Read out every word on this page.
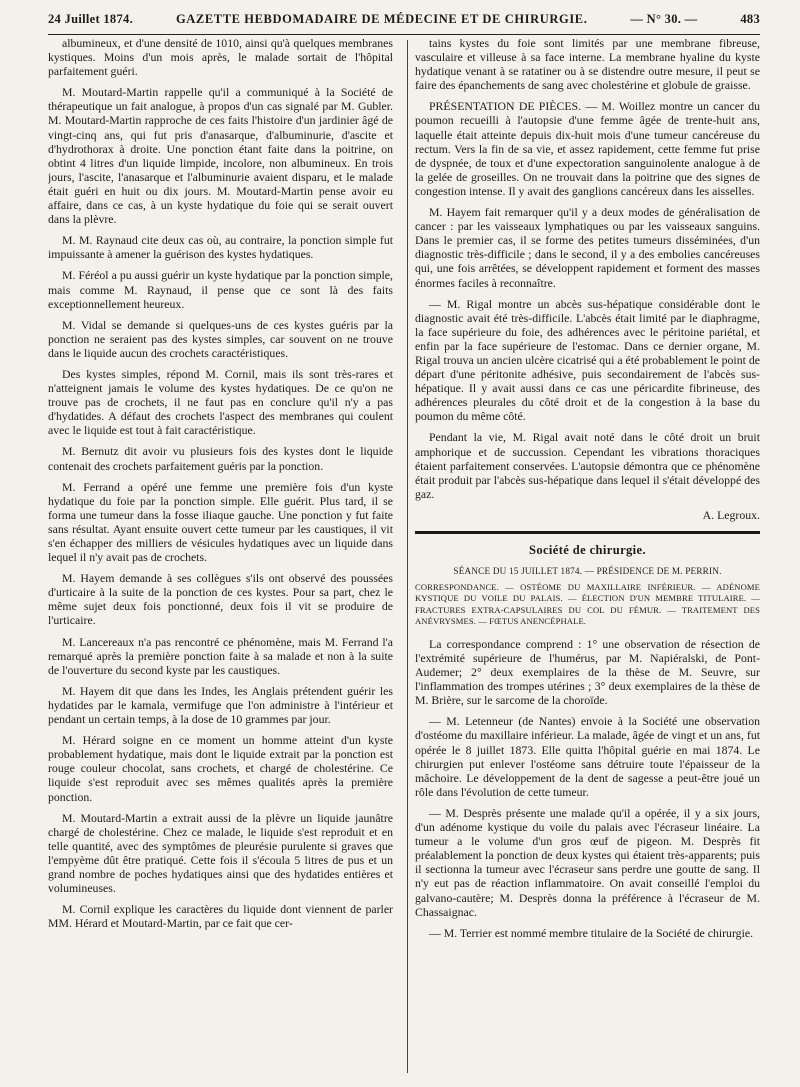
24 Juillet 1874.	GAZETTE HEBDOMADAIRE DE MÉDECINE ET DE CHIRURGIE.	— N° 30. —	483

albumineux, et d'une densité de 1010, ainsi qu'à quelques membranes kystiques. Moins d'un mois après, le malade sortait de l'hôpital parfaitement guéri.

M. Moutard-Martin rappelle qu'il a communiqué à la Société de thérapeutique un fait analogue, à propos d'un cas signalé par M. Gubler. M. Moutard-Martin rapproche de ces faits l'histoire d'un jardinier âgé de vingt-cinq ans, qui fut pris d'anasarque, d'albuminurie, d'ascite et d'hydrothorax à droite. Une ponction étant faite dans la poitrine, on obtint 4 litres d'un liquide limpide, incolore, non albumineux. En trois jours, l'ascite, l'anasarque et l'albuminurie avaient disparu, et le malade était guéri en huit ou dix jours. M. Moutard-Martin pense avoir eu affaire, dans ce cas, à un kyste hydatique du foie qui se serait ouvert dans la plèvre.

M. M. Raynaud cite deux cas où, au contraire, la ponction simple fut impuissante à amener la guérison des kystes hydatiques.

M. Féréol a pu aussi guérir un kyste hydatique par la ponction simple, mais comme M. Raynaud, il pense que ce sont là des faits exceptionnellement heureux.

M. Vidal se demande si quelques-uns de ces kystes guéris par la ponction ne seraient pas des kystes simples, car souvent on ne trouve dans le liquide aucun des crochets caractéristiques.

Des kystes simples, répond M. Cornil, mais ils sont très-rares et n'atteignent jamais le volume des kystes hydatiques. De ce qu'on ne trouve pas de crochets, il ne faut pas en conclure qu'il n'y a pas d'hydatides. A défaut des crochets l'aspect des membranes qui coulent avec le liquide est tout à fait caractéristique.

M. Bernutz dit avoir vu plusieurs fois des kystes dont le liquide contenait des crochets parfaitement guéris par la ponction.

M. Ferrand a opéré une femme une première fois d'un kyste hydatique du foie par la ponction simple. Elle guérit. Plus tard, il se forma une tumeur dans la fosse iliaque gauche. Une ponction y fut faite sans résultat. Ayant ensuite ouvert cette tumeur par les caustiques, il vit s'en échapper des milliers de vésicules hydatiques avec un liquide dans lequel il n'y avait pas de crochets.

M. Hayem demande à ses collègues s'ils ont observé des poussées d'urticaire à la suite de la ponction de ces kystes. Pour sa part, chez le même sujet deux fois ponctionné, deux fois il vit se produire de l'urticaire.

M. Lancereaux n'a pas rencontré ce phénomène, mais M. Ferrand l'a remarqué après la première ponction faite à sa malade et non à la suite de l'ouverture du second kyste par les caustiques.

M. Hayem dit que dans les Indes, les Anglais prétendent guérir les hydatides par le kamala, vermifuge que l'on administre à l'intérieur et pendant un certain temps, à la dose de 10 grammes par jour.

M. Hérard soigne en ce moment un homme atteint d'un kyste probablement hydatique, mais dont le liquide extrait par la ponction est rouge couleur chocolat, sans crochets, et chargé de cholestérine. Ce liquide s'est reproduit avec ses mêmes qualités après la première ponction.

M. Moutard-Martin a extrait aussi de la plèvre un liquide jaunâtre chargé de cholestérine. Chez ce malade, le liquide s'est reproduit et en telle quantité, avec des symptômes de pleurésie purulente si graves que l'empyème dût être pratiqué. Cette fois il s'écoula 5 litres de pus et un grand nombre de poches hydatiques ainsi que des hydatides entières et volumineuses.

M. Cornil explique les caractères du liquide dont viennent de parler MM. Hérard et Moutard-Martin, par ce fait que cer-

tains kystes du foie sont limités par une membrane fibreuse, vasculaire et villeuse à sa face interne. La membrane hyaline du kyste hydatique venant à se ratatiner ou à se distendre outre mesure, il peut se faire des épanchements de sang avec cholestérine et globule de graisse.

PRÉSENTATION DE PIÈCES. — M. Woillez montre un cancer du poumon recueilli à l'autopsie d'une femme âgée de trente-huit ans, laquelle était atteinte depuis dix-huit mois d'une tumeur cancéreuse du rectum. Vers la fin de sa vie, et assez rapidement, cette femme fut prise de dyspnée, de toux et d'une expectoration sanguinolente analogue à de la gelée de groseilles. On ne trouvait dans la poitrine que des signes de congestion intense. Il y avait des ganglions cancéreux dans les aisselles.

M. Hayem fait remarquer qu'il y a deux modes de généralisation de cancer : par les vaisseaux lymphatiques ou par les vaisseaux sanguins. Dans le premier cas, il se forme des petites tumeurs disséminées, d'un diagnostic très-difficile ; dans le second, il y a des embolies cancéreuses qui, une fois arrêtées, se développent rapidement et forment des masses énormes faciles à reconnaître.

— M. Rigal montre un abcès sus-hépatique considérable dont le diagnostic avait été très-difficile. L'abcès était limité par le diaphragme, la face supérieure du foie, des adhérences avec le péritoine pariétal, et enfin par la face supérieure de l'estomac. Dans ce dernier organe, M. Rigal trouva un ancien ulcère cicatrisé qui a été probablement le point de départ d'une péritonite adhésive, puis secondairement de l'abcès sus-hépatique. Il y avait aussi dans ce cas une péricardite fibrineuse, des adhérences pleurales du côté droit et de la congestion à la base du poumon du même côté.

Pendant la vie, M. Rigal avait noté dans le côté droit un bruit amphorique et de succussion. Cependant les vibrations thoraciques étaient parfaitement conservées. L'autopsie démontra que ce phénomène était produit par l'abcès sus-hépatique dans lequel il s'était développé des gaz.

A. Legroux.
Société de chirurgie.
SÉANCE DU 15 JUILLET 1874. — PRÉSIDENCE DE M. PERRIN.
CORRESPONDANCE. — OSTÉOME DU MAXILLAIRE INFÉRIEUR. — ADÉNOME KYSTIQUE DU VOILE DU PALAIS. — ÉLECTION D'UN MEMBRE TITULAIRE. — FRACTURES EXTRA-CAPSULAIRES DU COL DU FÉMUR. — TRAITEMENT DES ANÉVRYSMES. — FŒTUS ANENCÉPHALE.

La correspondance comprend : 1° une observation de résection de l'extrémité supérieure de l'humérus, par M. Napiéralski, de Pont-Audemer; 2° deux exemplaires de la thèse de M. Seuvre, sur l'inflammation des trompes utérines ; 3° deux exemplaires de la thèse de M. Brière, sur le sarcome de la choroïde.

— M. Letenneur (de Nantes) envoie à la Société une observation d'ostéome du maxillaire inférieur. La malade, âgée de vingt et un ans, fut opérée le 8 juillet 1873. Elle quitta l'hôpital guérie en mai 1874. Le chirurgien put enlever l'ostéome sans détruire toute l'épaisseur de la mâchoire. Le développement de la dent de sagesse a peut-être joué un rôle dans l'évolution de cette tumeur.

— M. Desprès présente une malade qu'il a opérée, il y a six jours, d'un adénome kystique du voile du palais avec l'écraseur linéaire. La tumeur a le volume d'un gros œuf de pigeon. M. Desprès fit préalablement la ponction de deux kystes qui étaient très-apparents; puis il sectionna la tumeur avec l'écraseur sans perdre une goutte de sang. Il n'y eut pas de réaction inflammatoire. On avait conseillé l'emploi du galvano-cautère; M. Desprès donna la préférence à l'écraseur de M. Chassaignac.

— M. Terrier est nommé membre titulaire de la Société de chirurgie.
